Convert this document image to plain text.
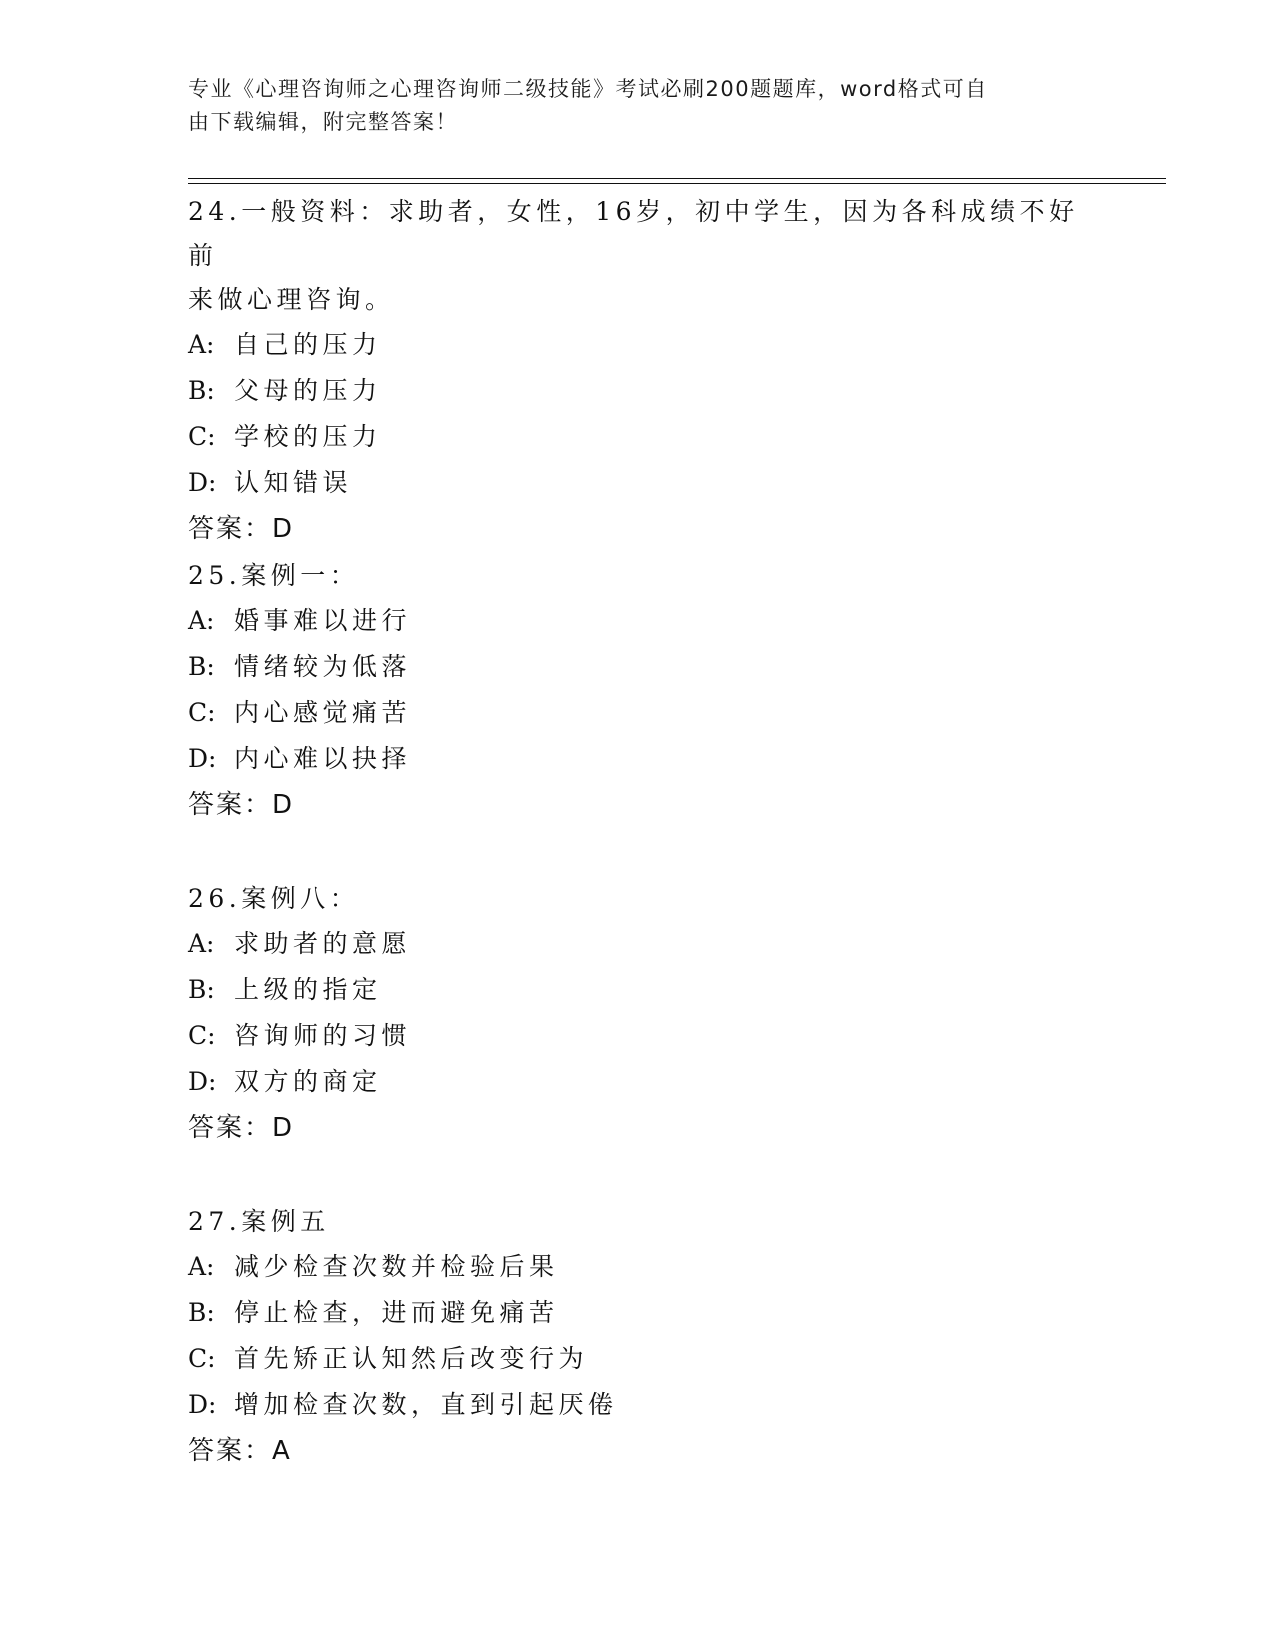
专业《心理咨询师之心理咨询师二级技能》考试必刷200题题库，word格式可自
由下载编辑，附完整答案！

24.一般资料：求助者，女性，16岁，初中学生，因为各科成绩不好前

来做心理咨询。

A: 自己的压力

B: 父母的压力

C: 学校的压力

D: 认知错误

答案：D

25.案例一：

A: 婚事难以进行

B: 情绪较为低落

C: 内心感觉痛苦

D: 内心难以抉择

答案：D

26.案例八：

A: 求助者的意愿

B: 上级的指定

C: 咨询师的习惯

D: 双方的商定

答案：D

27.案例五

A: 减少检查次数并检验后果

B: 停止检查，进而避免痛苦

C: 首先矫正认知然后改变行为

D: 增加检查次数，直到引起厌倦

答案：A
